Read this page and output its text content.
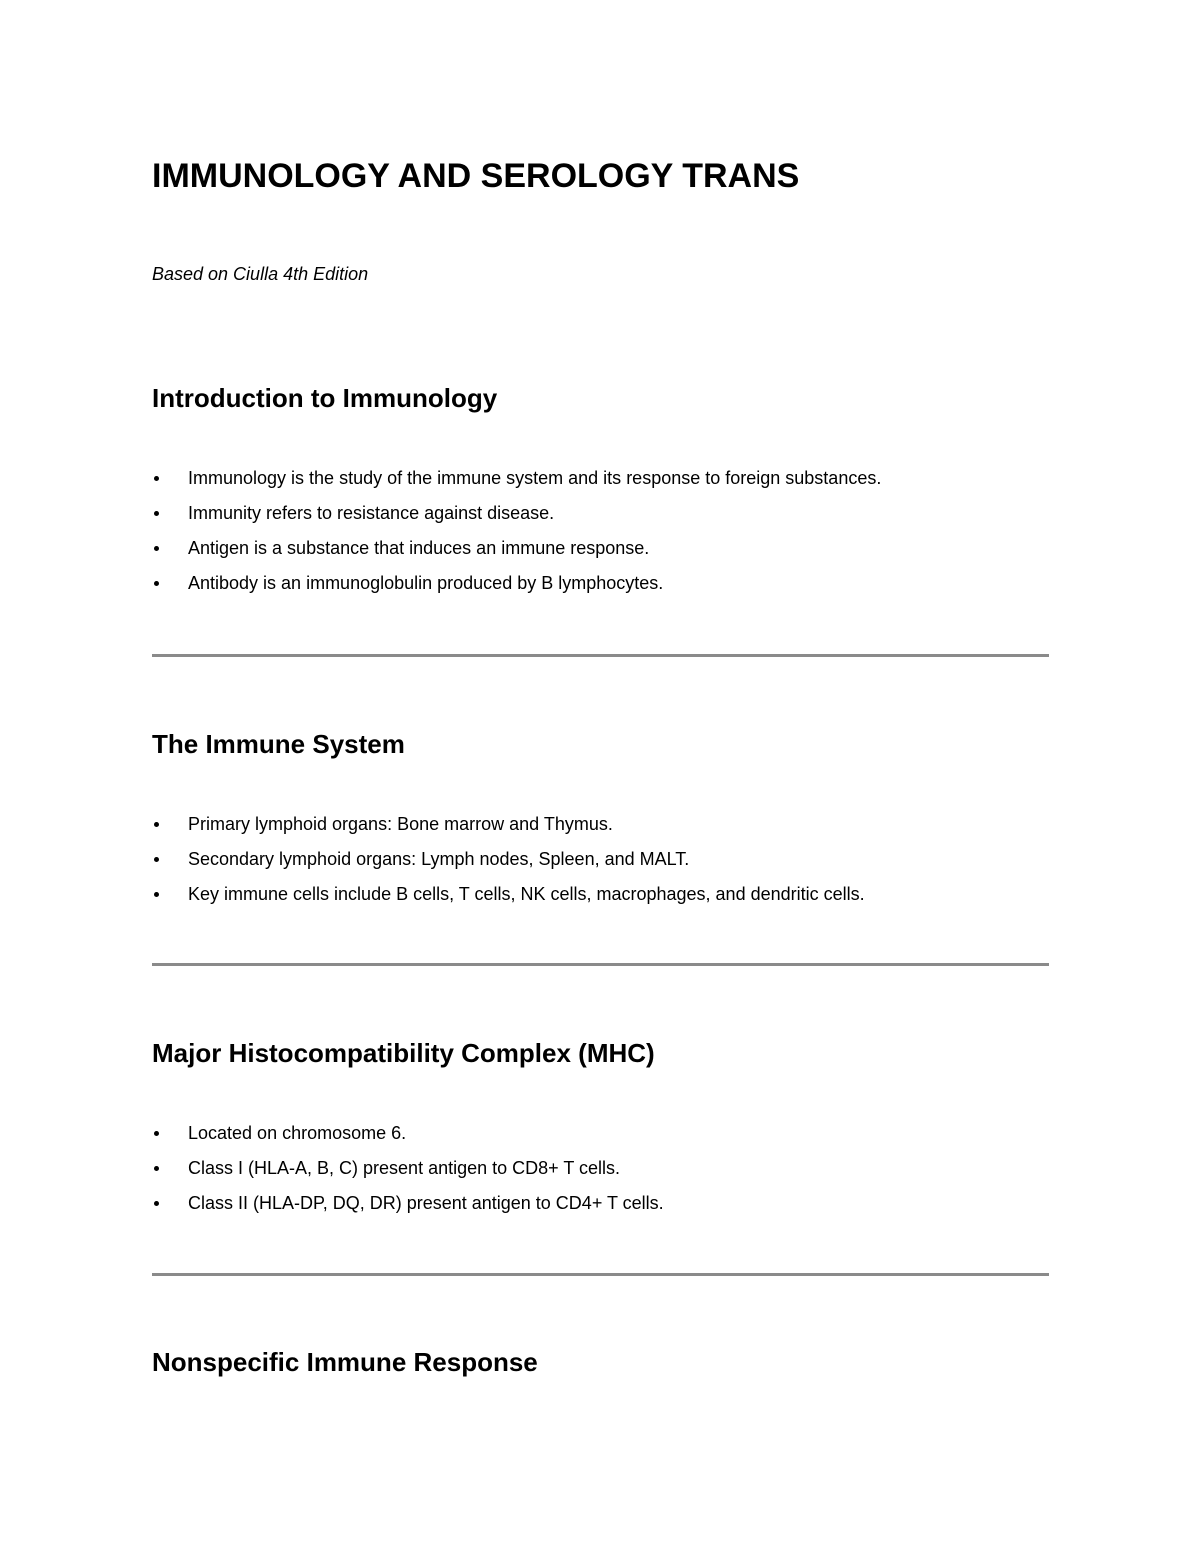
IMMUNOLOGY AND SEROLOGY TRANS

Based on Ciulla 4th Edition

Introduction to Immunology
Immunology is the study of the immune system and its response to foreign substances.
Immunity refers to resistance against disease.
Antigen is a substance that induces an immune response.
Antibody is an immunoglobulin produced by B lymphocytes.
The Immune System
Primary lymphoid organs: Bone marrow and Thymus.
Secondary lymphoid organs: Lymph nodes, Spleen, and MALT.
Key immune cells include B cells, T cells, NK cells, macrophages, and dendritic cells.
Major Histocompatibility Complex (MHC)
Located on chromosome 6.
Class I (HLA-A, B, C) present antigen to CD8+ T cells.
Class II (HLA-DP, DQ, DR) present antigen to CD4+ T cells.
Nonspecific Immune Response
